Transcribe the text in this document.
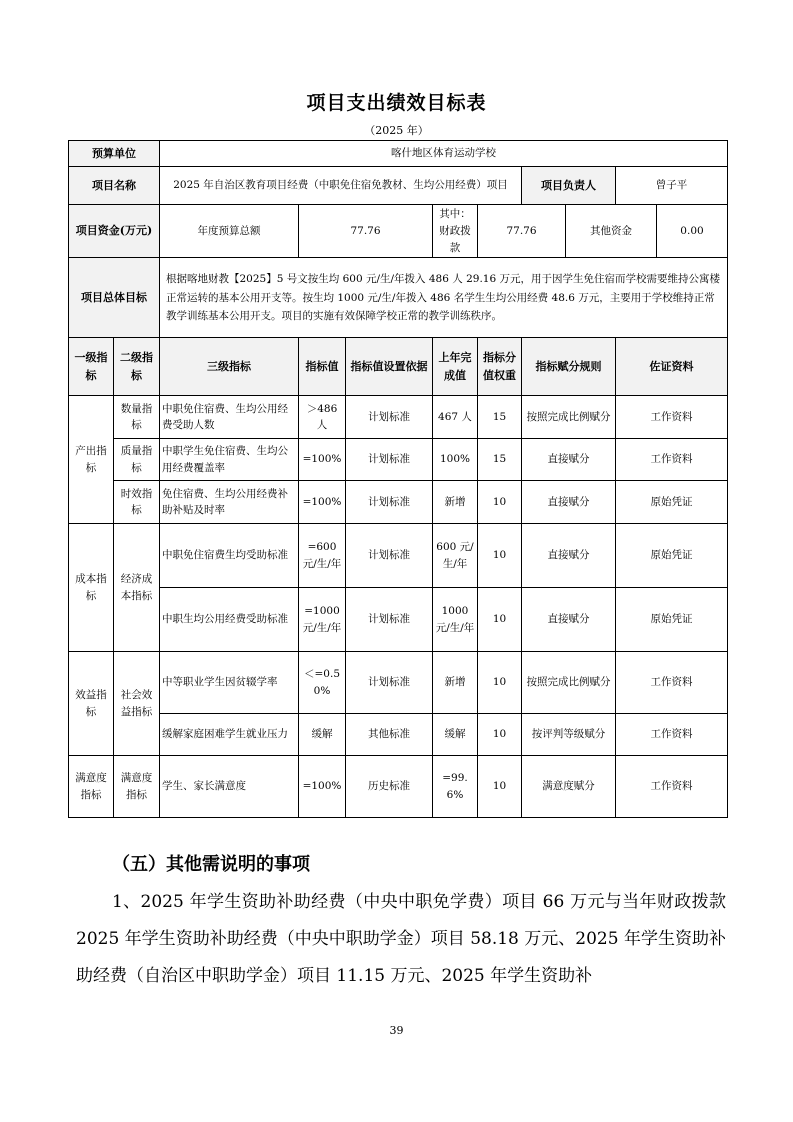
项目支出绩效目标表
（2025 年）
预算单位		喀什地区体育运动学校								
项目名称		2025 年自治区教育项目经费（中职免住宿免教材、生均公用经费）项目					项目负责人		曾子平	
项目资金(万元)		年度预算总额	77.76		其中：财政拨款	77.76		其他资金		0.00
项目总体目标		根据喀地财教【2025】5 号文按生均 600 元/生/年拨入 486 人 29.16 万元，用于因学生免住宿而学校需要维持公寓楼正常运转的基本公用开支等。按生均 1000 元/生/年拨入 486 名学生生均公用经费 48.6 万元，主要用于学校维持正常教学训练基本公用开支。项目的实施有效保障学校正常的教学训练秩序。								
一级指标	二级指标	三级指标	指标值	指标值设置依据	上年完成值	指标分值权重	指标赋分规则		佐证资料	
产出指标	数量指标	中职免住宿费、生均公用经费受助人数	＞486 人	计划标准	467 人	15	按照完成比例赋分		工作资料	
	质量指标	中职学生免住宿费、生均公用经费覆盖率	=100%	计划标准	100%	15	直接赋分		工作资料	
	时效指标	免住宿费、生均公用经费补助补贴及时率	=100%	计划标准	新增	10	直接赋分		原始凭证	
成本指标	经济成本指标	中职免住宿费生均受助标准	=600 元/生/年	计划标准	600 元/生/年	10	直接赋分		原始凭证	
		中职生均公用经费受助标准	=1000 元/生/年	计划标准	1000 元/生/年	10	直接赋分		原始凭证	
效益指标	社会效益指标	中等职业学生因贫辍学率	＜=0.50%	计划标准	新增	10	按照完成比例赋分		工作资料	
		缓解家庭困难学生就业压力	缓解	其他标准	缓解	10	按评判等级赋分		工作资料	
满意度指标	满意度指标	学生、家长满意度	=100%	历史标准	=99.6%	10	满意度赋分		工作资料	
（五）其他需说明的事项
1、2025 年学生资助补助经费（中央中职免学费）项目 66 万元与当年财政拨款 2025 年学生资助补助经费（中央中职助学金）项目 58.18 万元、2025 年学生资助补助经费（自治区中职助学金）项目 11.15 万元、2025 年学生资助补
39
